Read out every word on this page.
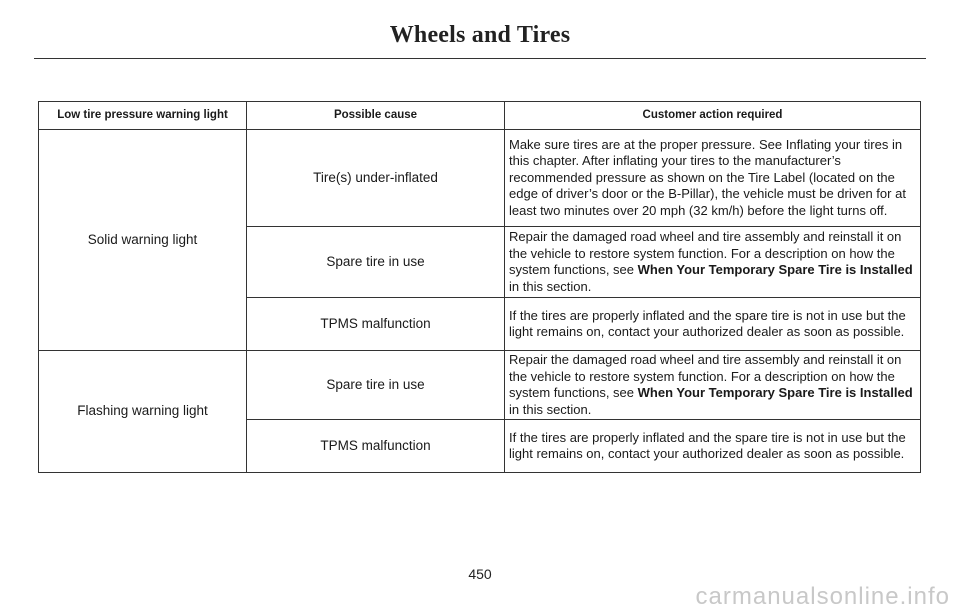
Wheels and Tires
Low tire pressure warning light	Possible cause	Customer action required
Solid warning light	Tire(s) under-inflated	Make sure tires are at the proper pressure. See Inflating your tires in this chapter. After inflating your tires to the manufacturer’s recommended pressure as shown on the Tire Label (located on the edge of driver’s door or the B-Pillar), the vehicle must be driven for at least two minutes over 20 mph (32 km/h) before the light turns off.
	Spare tire in use	Repair the damaged road wheel and tire assembly and reinstall it on the vehicle to restore system function. For a description on how the system functions, see When Your Temporary Spare Tire is Installed in this section.
	TPMS malfunction	If the tires are properly inflated and the spare tire is not in use but the light remains on, contact your authorized dealer as soon as possible.
Flashing warning light	Spare tire in use	Repair the damaged road wheel and tire assembly and reinstall it on the vehicle to restore system function. For a description on how the system functions, see When Your Temporary Spare Tire is Installed in this section.
	TPMS malfunction	If the tires are properly inflated and the spare tire is not in use but the light remains on, contact your authorized dealer as soon as possible.
450
carmanualsonline.info
